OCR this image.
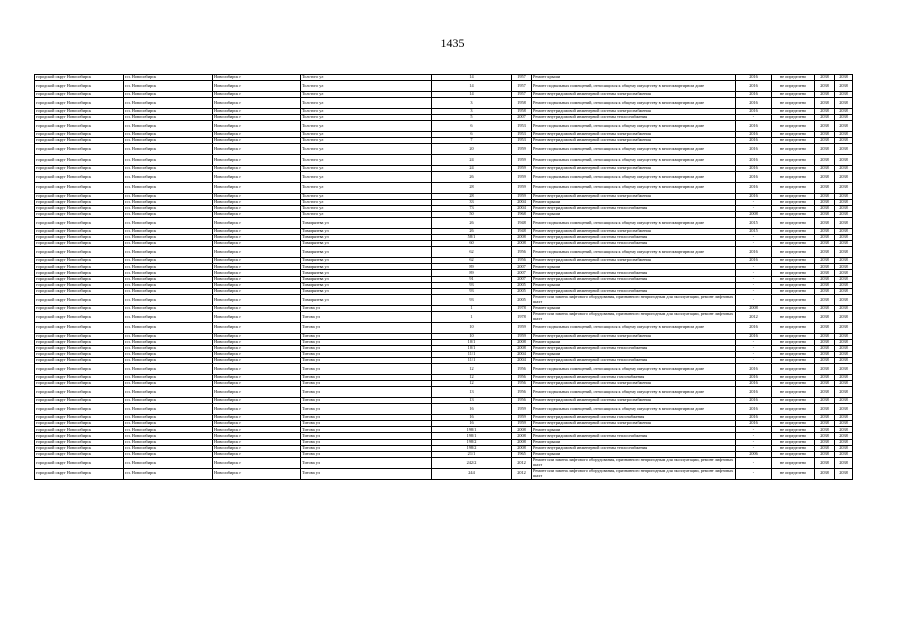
1435
городской округ Новосибирск	г.п. Новосибирск	Новосибирск г	Толстого ул	14	1957	Ремонт крыши	2016	не определено	2038	2038
городской округ Новосибирск	г.п. Новосибирск	Новосибирск г	Толстого ул	14	1957	Ремонт подвальных помещений, относящихся к общему имуществу в многоквартирном доме	2016	не определено	2038	2038
городской округ Новосибирск	г.п. Новосибирск	Новосибирск г	Толстого ул	14	1957	Ремонт внутридомовой инженерной системы электроснабжения	2016	не определено	2038	2038
городской округ Новосибирск	г.п. Новосибирск	Новосибирск г	Толстого ул	3	1958	Ремонт подвальных помещений, относящихся к общему имуществу в многоквартирном доме	2016	не определено	2038	2038
городской округ Новосибирск	г.п. Новосибирск	Новосибирск г	Толстого ул	3	1958	Ремонт внутридомовой инженерной системы электроснабжения	2016	не определено	2038	2038
городской округ Новосибирск	г.п. Новосибирск	Новосибирск г	Толстого ул	5	2007	Ремонт внутридомовой инженерной системы теплоснабжения	-	не определено	2038	2038
городской округ Новосибирск	г.п. Новосибирск	Новосибирск г	Толстого ул	6	1953	Ремонт подвальных помещений, относящихся к общему имуществу в многоквартирном доме	2016	не определено	2038	2038
городской округ Новосибирск	г.п. Новосибирск	Новосибирск г	Толстого ул	6	1953	Ремонт внутридомовой инженерной системы электроснабжения	2016	не определено	2038	2038
городской округ Новосибирск	г.п. Новосибирск	Новосибирск г	Толстого ул	7	1953	Ремонт внутридомовой инженерной системы электроснабжения	2016	не определено	2038	2038
городской округ Новосибирск	г.п. Новосибирск	Новосибирск г	Толстого ул	20	1959	Ремонт подвальных помещений, относящихся к общему имуществу в многоквартирном доме	2016	не определено	2038	2038
городской округ Новосибирск	г.п. Новосибирск	Новосибирск г	Толстого ул	24	1959	Ремонт подвальных помещений, относящихся к общему имуществу в многоквартирном доме	2016	не определено	2038	2038
городской округ Новосибирск	г.п. Новосибирск	Новосибирск г	Толстого ул	24	1959	Ремонт внутридомовой инженерной системы электроснабжения	2016	не определено	2038	2038
городской округ Новосибирск	г.п. Новосибирск	Новосибирск г	Толстого ул	26	1959	Ремонт подвальных помещений, относящихся к общему имуществу в многоквартирном доме	2016	не определено	2038	2038
городской округ Новосибирск	г.п. Новосибирск	Новосибирск г	Толстого ул	28	1959	Ремонт подвальных помещений, относящихся к общему имуществу в многоквартирном доме	2016	не определено	2038	2038
городской округ Новосибирск	г.п. Новосибирск	Новосибирск г	Толстого ул	28	1959	Ремонт внутридомовой инженерной системы электроснабжения	2016	не определено	2038	2038
городской округ Новосибирск	г.п. Новосибирск	Новосибирск г	Толстого ул	33	2004	Ремонт крыши	-	не определено	2038	2038
городской округ Новосибирск	г.п. Новосибирск	Новосибирск г	Толстого ул	73	2004	Ремонт внутридомовой инженерной системы теплоснабжения	-	не определено	2038	2038
городской округ Новосибирск	г.п. Новосибирск	Новосибирск г	Толстого ул	50	1968	Ремонт крыши	2008	не определено	2038	2038
городской округ Новосибирск	г.п. Новосибирск	Новосибирск г	Тимирязева ул	26	1948	Ремонт подвальных помещений, относящихся к общему имуществу в многоквартирном доме	2015	не определено	2038	2038
городской округ Новосибирск	г.п. Новосибирск	Новосибирск г	Тимирязева ул	26	1948	Ремонт внутридомовой инженерной системы электроснабжения	2015	не определено	2038	2038
городской округ Новосибирск	г.п. Новосибирск	Новосибирск г	Тимирязева ул	58/1	2008	Ремонт внутридомовой инженерной системы теплоснабжения	-	не определено	2038	2038
городской округ Новосибирск	г.п. Новосибирск	Новосибирск г	Тимирязева ул	60	2008	Ремонт внутридомовой инженерной системы теплоснабжения	-	не определено	2038	2038
городской округ Новосибирск	г.п. Новосибирск	Новосибирск г	Тимирязева ул	62	1956	Ремонт подвальных помещений, относящихся к общему имуществу в многоквартирном доме	2016	не определено	2038	2038
городской округ Новосибирск	г.п. Новосибирск	Новосибирск г	Тимирязева ул	62	1956	Ремонт внутридомовой инженерной системы электроснабжения	2016	не определено	2038	2038
городской округ Новосибирск	г.п. Новосибирск	Новосибирск г	Тимирязева ул	89	2007	Ремонт крыши	-	не определено	2038	2038
городской округ Новосибирск	г.п. Новосибирск	Новосибирск г	Тимирязева ул	89	2007	Ремонт внутридомовой инженерной системы теплоснабжения	-	не определено	2038	2038
городской округ Новосибирск	г.п. Новосибирск	Новосибирск г	Тимирязева ул	91	2007	Ремонт внутридомовой инженерной системы теплоснабжения	-	не определено	2038	2038
городской округ Новосибирск	г.п. Новосибирск	Новосибирск г	Тимирязева ул	93	2005	Ремонт крыши	-	не определено	2038	2038
городской округ Новосибирск	г.п. Новосибирск	Новосибирск г	Тимирязева ул	93	2005	Ремонт внутридомовой инженерной системы теплоснабжения	-	не определено	2038	2038
городской округ Новосибирск	г.п. Новосибирск	Новосибирск г	Тимирязева ул	93	2005	Ремонт или замена лифтового оборудования, признанного непригодным для эксплуатации, ремонт лифтовых шахт	-	не определено	2038	2038
городской округ Новосибирск	г.п. Новосибирск	Новосибирск г	Титова ул	1	1978	Ремонт крыши	2008	не определено	2038	2038
городской округ Новосибирск	г.п. Новосибирск	Новосибирск г	Титова ул	1	1978	Ремонт или замена лифтового оборудования, признанного непригодным для эксплуатации, ремонт лифтовых шахт	2012	не определено	2038	2038
городской округ Новосибирск	г.п. Новосибирск	Новосибирск г	Титова ул	10	1959	Ремонт подвальных помещений, относящихся к общему имуществу в многоквартирном доме	2016	не определено	2038	2038
городской округ Новосибирск	г.п. Новосибирск	Новосибирск г	Титова ул	10	1959	Ремонт внутридомовой инженерной системы электроснабжения	2016	не определено	2038	2038
городской округ Новосибирск	г.п. Новосибирск	Новосибирск г	Титова ул	10/1	2008	Ремонт крыши	-	не определено	2038	2038
городской округ Новосибирск	г.п. Новосибирск	Новосибирск г	Титова ул	10/1	2008	Ремонт внутридомовой инженерной системы теплоснабжения	-	не определено	2038	2038
городской округ Новосибирск	г.п. Новосибирск	Новосибирск г	Титова ул	11/1	2004	Ремонт крыши	-	не определено	2038	2038
городской округ Новосибирск	г.п. Новосибирск	Новосибирск г	Титова ул	11/1	2004	Ремонт внутридомовой инженерной системы теплоснабжения	-	не определено	2038	2038
городской округ Новосибирск	г.п. Новосибирск	Новосибирск г	Титова ул	12	1956	Ремонт подвальных помещений, относящихся к общему имуществу в многоквартирном доме	2016	не определено	2038	2038
городской округ Новосибирск	г.п. Новосибирск	Новосибирск г	Титова ул	12	1956	Ремонт внутридомовой инженерной системы газоснабжения	2016	не определено	2038	2038
городской округ Новосибирск	г.п. Новосибирск	Новосибирск г	Титова ул	12	1956	Ремонт внутридомовой инженерной системы электроснабжения	2016	не определено	2038	2038
городской округ Новосибирск	г.п. Новосибирск	Новосибирск г	Титова ул	13	1956	Ремонт подвальных помещений, относящихся к общему имуществу в многоквартирном доме	2016	не определено	2038	2038
городской округ Новосибирск	г.п. Новосибирск	Новосибирск г	Титова ул	13	1956	Ремонт внутридомовой инженерной системы электроснабжения	2016	не определено	2038	2038
городской округ Новосибирск	г.п. Новосибирск	Новосибирск г	Титова ул	16	1959	Ремонт подвальных помещений, относящихся к общему имуществу в многоквартирном доме	2016	не определено	2038	2038
городской округ Новосибирск	г.п. Новосибирск	Новосибирск г	Титова ул	16	1959	Ремонт внутридомовой инженерной системы газоснабжения	2016	не определено	2038	2038
городской округ Новосибирск	г.п. Новосибирск	Новосибирск г	Титова ул	16	1959	Ремонт внутридомовой инженерной системы электроснабжения	2016	не определено	2038	2038
городской округ Новосибирск	г.п. Новосибирск	Новосибирск г	Титова ул	198/1	2008	Ремонт крыши	-	не определено	2038	2038
городской округ Новосибирск	г.п. Новосибирск	Новосибирск г	Титова ул	198/1	2008	Ремонт внутридомовой инженерной системы теплоснабжения	-	не определено	2038	2038
городской округ Новосибирск	г.п. Новосибирск	Новосибирск г	Титова ул	198/2	2008	Ремонт крыши	-	не определено	2038	2038
городской округ Новосибирск	г.п. Новосибирск	Новосибирск г	Титова ул	198/2	2008	Ремонт внутридомовой инженерной системы теплоснабжения	-	не определено	2038	2038
городской округ Новосибирск	г.п. Новосибирск	Новосибирск г	Титова ул	21/1	1965	Ремонт крыши	2006	не определено	2038	2038
городской округ Новосибирск	г.п. Новосибирск	Новосибирск г	Титова ул	242/2	2012	Ремонт или замена лифтового оборудования, признанного непригодным для эксплуатации, ремонт лифтовых шахт	-	не определено	2038	2038
городской округ Новосибирск	г.п. Новосибирск	Новосибирск г	Титова ул	244	2012	Ремонт или замена лифтового оборудования, признанного непригодным для эксплуатации, ремонт лифтовых шахт	-	не определено	2038	2038
